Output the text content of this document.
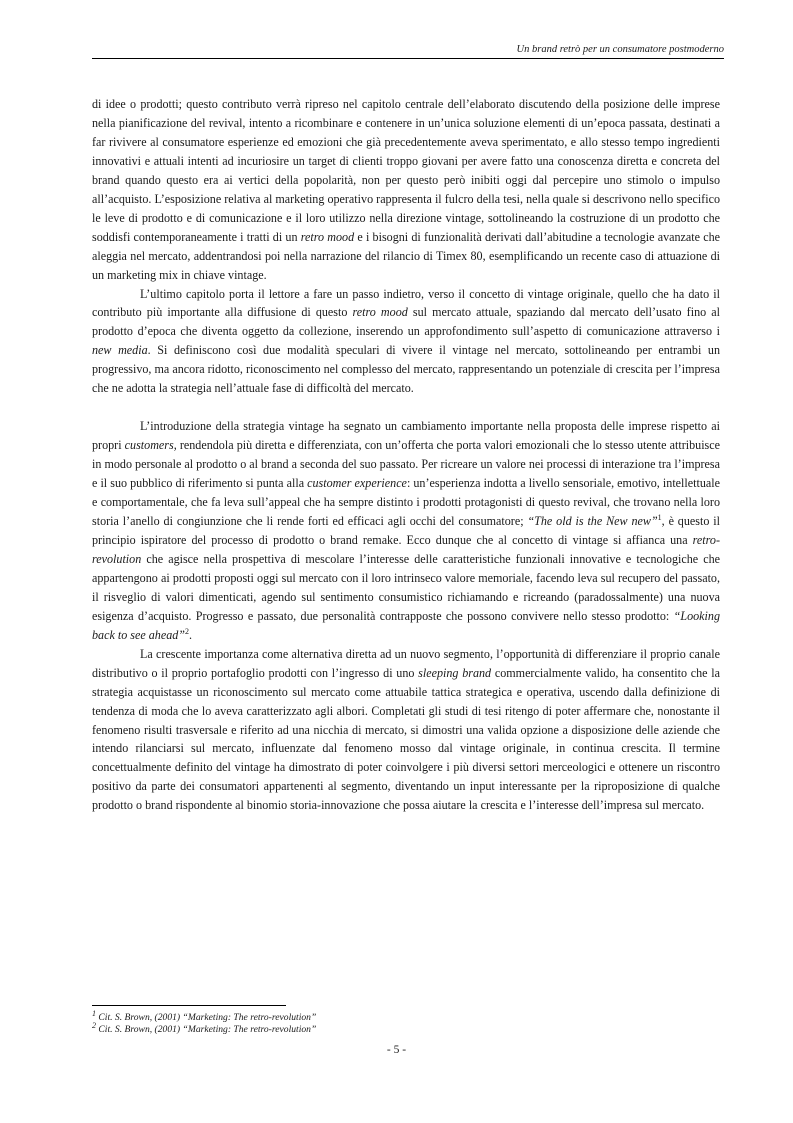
Un brand retrò per un consumatore postmoderno

di idee o prodotti; questo contributo verrà ripreso nel capitolo centrale dell’elaborato discutendo della posizione delle imprese nella pianificazione del revival, intento a ricombinare e contenere in un’unica soluzione elementi di un’epoca passata, destinati a far rivivere al consumatore esperienze ed emozioni che già precedentemente aveva sperimentato, e allo stesso tempo ingredienti innovativi e attuali intenti ad incuriosire un target di clienti troppo giovani per avere fatto una conoscenza diretta e concreta del brand quando questo era ai vertici della popolarità, non per questo però inibiti oggi dal percepire uno stimolo o impulso all’acquisto. L’esposizione relativa al marketing operativo rappresenta il fulcro della tesi, nella quale si descrivono nello specifico le leve di prodotto e di comunicazione e il loro utilizzo nella direzione vintage, sottolineando la costruzione di un prodotto che soddisfi contemporaneamente i tratti di un retro mood e i bisogni di funzionalità derivati dall’abitudine a tecnologie avanzate che aleggia nel mercato, addentrandosi poi nella narrazione del rilancio di Timex 80, esemplificando un recente caso di attuazione di un marketing mix in chiave vintage.

L’ultimo capitolo porta il lettore a fare un passo indietro, verso il concetto di vintage originale, quello che ha dato il contributo più importante alla diffusione di questo retro mood sul mercato attuale, spaziando dal mercato dell’usato fino al prodotto d’epoca che diventa oggetto da collezione, inserendo un approfondimento sull’aspetto di comunicazione attraverso i new media. Si definiscono così due modalità speculari di vivere il vintage nel mercato, sottolineando per entrambi un progressivo, ma ancora ridotto, riconoscimento nel complesso del mercato, rappresentando un potenziale di crescita per l’impresa che ne adotta la strategia nell’attuale fase di difficoltà del mercato.

L’introduzione della strategia vintage ha segnato un cambiamento importante nella proposta delle imprese rispetto ai propri customers, rendendola più diretta e differenziata, con un’offerta che porta valori emozionali che lo stesso utente attribuisce in modo personale al prodotto o al brand a seconda del suo passato. Per ricreare un valore nei processi di interazione tra l’impresa e il suo pubblico di riferimento si punta alla customer experience: un’esperienza indotta a livello sensoriale, emotivo, intellettuale e comportamentale, che fa leva sull’appeal che ha sempre distinto i prodotti protagonisti di questo revival, che trovano nella loro storia l’anello di congiunzione che li rende forti ed efficaci agli occhi del consumatore; “The old is the New new”$^1$, è questo il principio ispiratore del processo di prodotto o brand remake. Ecco dunque che al concetto di vintage si affianca una retro-revolution che agisce nella prospettiva di mescolare l’interesse delle caratteristiche funzionali innovative e tecnologiche che appartengono ai prodotti proposti oggi sul mercato con il loro intrinseco valore memoriale, facendo leva sul recupero del passato, il risveglio di valori dimenticati, agendo sul sentimento consumistico richiamando e ricreando (paradossalmente) una nuova esigenza d’acquisto. Progresso e passato, due personalità contrapposte che possono convivere nello stesso prodotto: “Looking back to see ahead”$^2$.

La crescente importanza come alternativa diretta ad un nuovo segmento, l’opportunità di differenziare il proprio canale distributivo o il proprio portafoglio prodotti con l’ingresso di uno sleeping brand commercialmente valido, ha consentito che la strategia acquistasse un riconoscimento sul mercato come attuabile tattica strategica e operativa, uscendo dalla definizione di tendenza di moda che lo aveva caratterizzato agli albori. Completati gli studi di tesi ritengo di poter affermare che, nonostante il fenomeno risulti trasversale e riferito ad una nicchia di mercato, si dimostri una valida opzione a disposizione delle aziende che intendo rilanciarsi sul mercato, influenzate dal fenomeno mosso dal vintage originale, in continua crescita. Il termine concettualmente definito del vintage ha dimostrato di poter coinvolgere i più diversi settori merceologici e ottenere un riscontro positivo da parte dei consumatori appartenenti al segmento, diventando un input interessante per la riproposizione di qualche prodotto o brand rispondente al binomio storia-innovazione che possa aiutare la crescita e l’interesse dell’impresa sul mercato.

$^1$ Cit. S. Brown, (2001) “Marketing: The retro-revolution”
$^2$ Cit. S. Brown, (2001) “Marketing: The retro-revolution”
- 5 -
